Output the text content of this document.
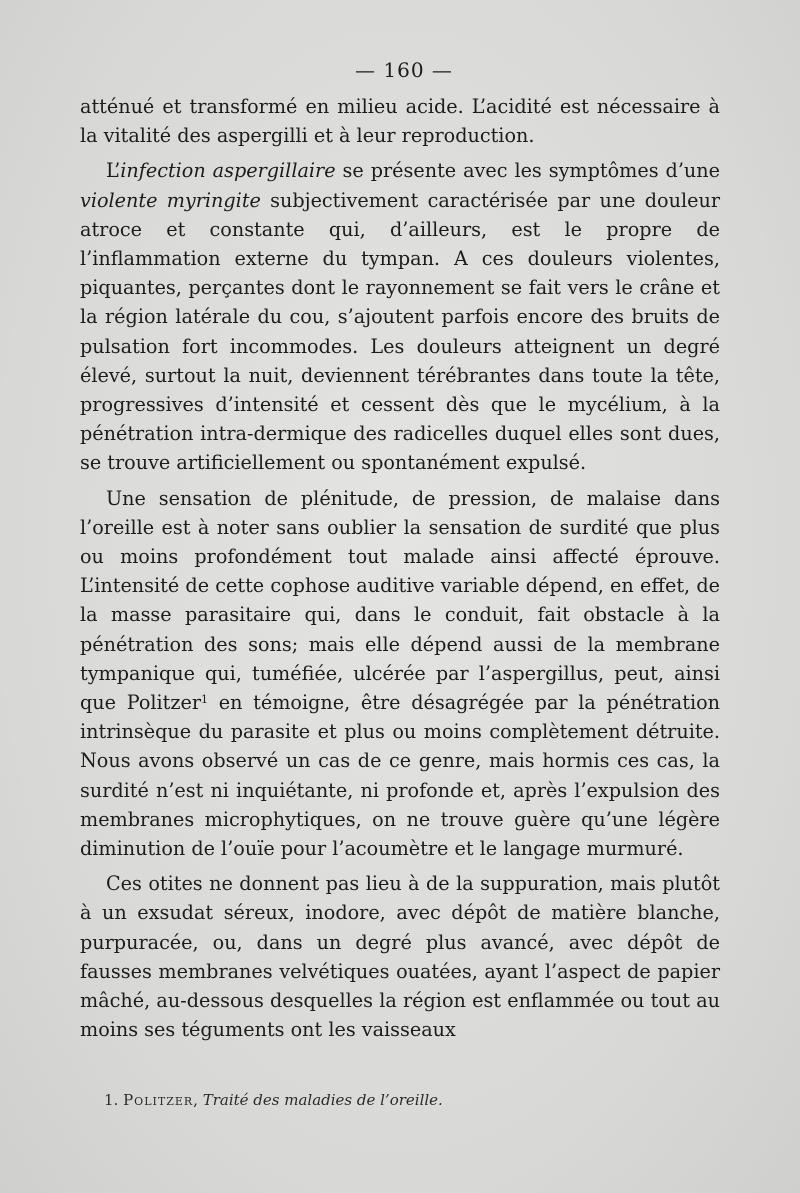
— 160 —

atténué et transformé en milieu acide. L’acidité est nécessaire à la vitalité des aspergilli et à leur reproduction.

L’infection aspergillaire se présente avec les symptômes d’une violente myringite subjectivement caractérisée par une douleur atroce et constante qui, d’ailleurs, est le propre de l’inflammation externe du tympan. A ces douleurs violentes, piquantes, perçantes dont le rayonnement se fait vers le crâne et la région latérale du cou, s’ajoutent parfois encore des bruits de pulsation fort incommodes. Les douleurs atteignent un degré élevé, surtout la nuit, deviennent térébrantes dans toute la tête, progressives d’intensité et cessent dès que le mycélium, à la pénétration intra-dermique des radicelles duquel elles sont dues, se trouve artificiellement ou spontanément expulsé.

Une sensation de plénitude, de pression, de malaise dans l’oreille est à noter sans oublier la sensation de surdité que plus ou moins profondément tout malade ainsi affecté éprouve. L’intensité de cette cophose auditive variable dépend, en effet, de la masse parasitaire qui, dans le conduit, fait obstacle à la pénétration des sons; mais elle dépend aussi de la membrane tympanique qui, tuméfiée, ulcérée par l’aspergillus, peut, ainsi que Politzer$^1$ en témoigne, être désagrégée par la pénétration intrinsèque du parasite et plus ou moins complètement détruite. Nous avons observé un cas de ce genre, mais hormis ces cas, la surdité n’est ni inquiétante, ni profonde et, après l’expulsion des membranes microphytiques, on ne trouve guère qu’une légère diminution de l’ouïe pour l’acoumètre et le langage murmuré.

Ces otites ne donnent pas lieu à de la suppuration, mais plutôt à un exsudat séreux, inodore, avec dépôt de matière blanche, purpuracée, ou, dans un degré plus avancé, avec dépôt de fausses membranes velvétiques ouatées, ayant l’aspect de papier mâché, au-dessous desquelles la région est enflammée ou tout au moins ses téguments ont les vaisseaux

1. Politzer, Traité des maladies de l’oreille.
